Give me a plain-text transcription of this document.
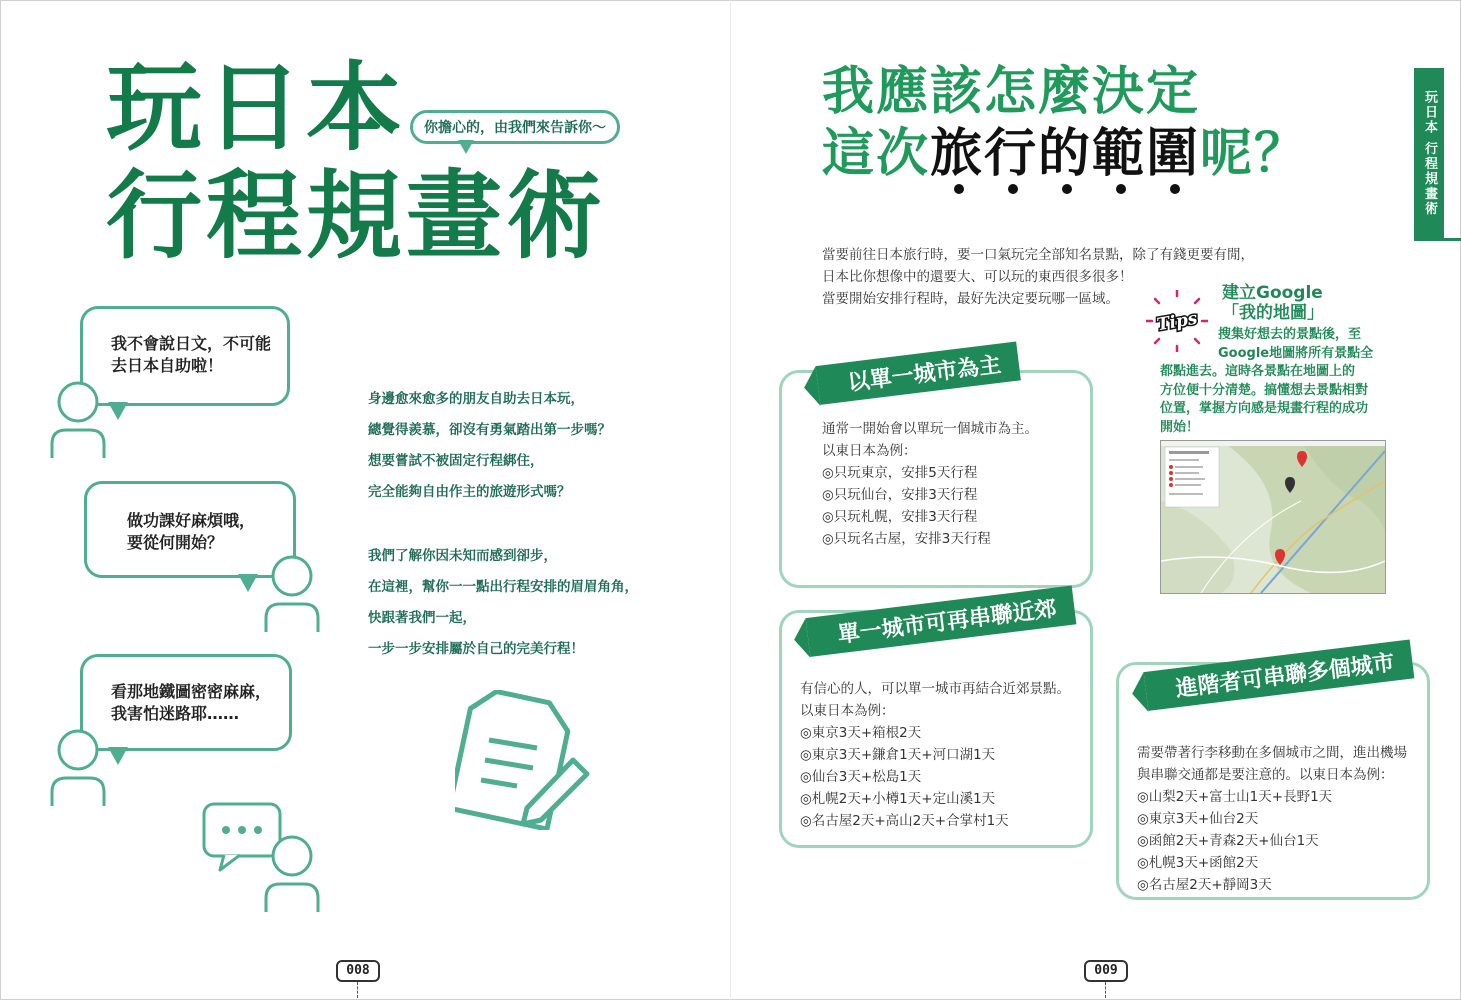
玩日本
行程規畫術
你擔心的，由我們來告訴你～
我不會說日文，不可能
去日本自助啦！
做功課好麻煩哦，
要從何開始？
看那地鐵圖密密麻麻，
我害怕迷路耶……
身邊愈來愈多的朋友自助去日本玩，
總覺得羨慕，卻沒有勇氣踏出第一步嗎？
想要嘗試不被固定行程綁住，
完全能夠自由作主的旅遊形式嗎？
我們了解你因未知而感到卻步，
在這裡，幫你一一點出行程安排的眉眉角角，
快跟著我們一起，
一步一步安排屬於自己的完美行程！
008
我應該怎麼決定
這次旅行的範圍呢？	玩日本 行程規畫術
當要前往日本旅行時，要一口氣玩完全部知名景點，除了有錢更要有閒，
日本比你想像中的還要大、可以玩的東西很多很多！
當要開始安排行程時，最好先決定要玩哪一區域。
以單一城市為主
通常一開始會以單玩一個城市為主。
以東日本為例：
◎只玩東京，安排5天行程
◎只玩仙台，安排3天行程
◎只玩札幌，安排3天行程
◎只玩名古屋，安排3天行程
單一城市可再串聯近郊
有信心的人，可以單一城市再結合近郊景點。
以東日本為例：
◎東京3天+箱根2天
◎東京3天+鎌倉1天+河口湖1天
◎仙台3天+松島1天
◎札幌2天+小樽1天+定山溪1天
◎名古屋2天+高山2天+合掌村1天
進階者可串聯多個城市
需要帶著行李移動在多個城市之間，進出機場
與串聯交通都是要注意的。以東日本為例：
◎山梨2天+富士山1天+長野1天
◎東京3天+仙台2天
◎函館2天+青森2天+仙台1天
◎札幌3天+函館2天
◎名古屋2天+靜岡3天
Tips
建立Google
「我的地圖」
搜集好想去的景點後，至
Google地圖將所有景點全
都點進去。這時各景點在地圖上的
方位便十分清楚。搞懂想去景點相對
位置，掌握方向感是規畫行程的成功
開始！
009
